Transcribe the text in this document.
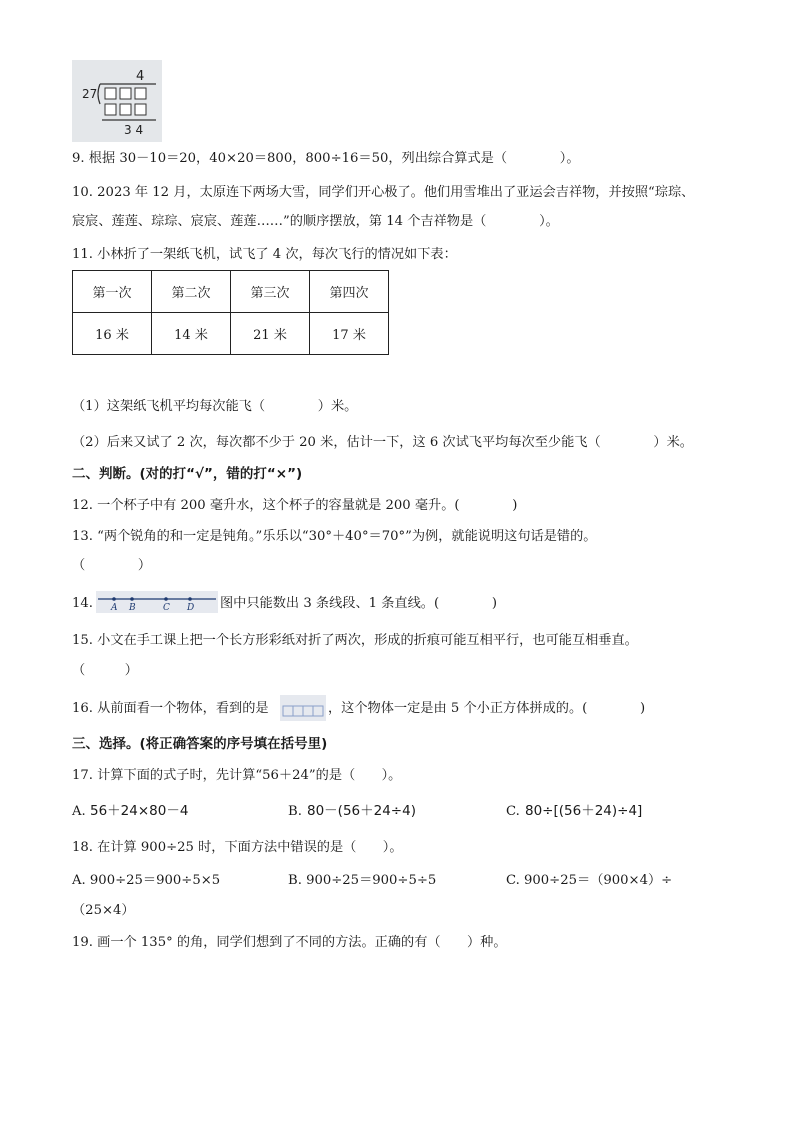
4
27
3 4
9. 根据 30－10＝20，40×20＝800，800÷16＝50，列出综合算式是（　　　　）。
10. 2023 年 12 月，太原连下两场大雪，同学们开心极了。他们用雪堆出了亚运会吉祥物，并按照“琮琮、
宸宸、莲莲、琮琮、宸宸、莲莲……”的顺序摆放，第 14 个吉祥物是（　　　　）。
11. 小林折了一架纸飞机，试飞了 4 次，每次飞行的情况如下表：
第一次	第二次	第三次	第四次
16 米	14 米	21 米	17 米
（1）这架纸飞机平均每次能飞（　　　　）米。
（2）后来又试了 2 次，每次都不少于 20 米，估计一下，这 6 次试飞平均每次至少能飞（　　　　）米。
二、判断。(对的打“√”，错的打“×”)
12. 一个杯子中有 200 毫升水，这个杯子的容量就是 200 毫升。(　　　　)
13. “两个锐角的和一定是钝角。”乐乐以“30°＋40°＝70°”为例，就能说明这句话是错的。
（　　　　）
14. A B	C D 图中只能数出 3 条线段、1 条直线。(　　　　)
15. 小文在手工课上把一个长方形彩纸对折了两次，形成的折痕可能互相平行，也可能互相垂直。
（　　　）
16. 从前面看一个物体，看到的是	，这个物体一定是由 5 个小正方体拼成的。(　　　　)
三、选择。(将正确答案的序号填在括号里)
17. 计算下面的式子时，先计算“56＋24”的是（　　）。
A. 56＋24×80－4	B. 80－(56＋24÷4)	C. 80÷[(56＋24)÷4]
18. 在计算 900÷25 时，下面方法中错误的是（　　）。
A. 900÷25＝900÷5×5	B. 900÷25＝900÷5÷5	C. 900÷25＝（900×4）÷
（25×4）
19. 画一个 135° 的角，同学们想到了不同的方法。正确的有（　　）种。
